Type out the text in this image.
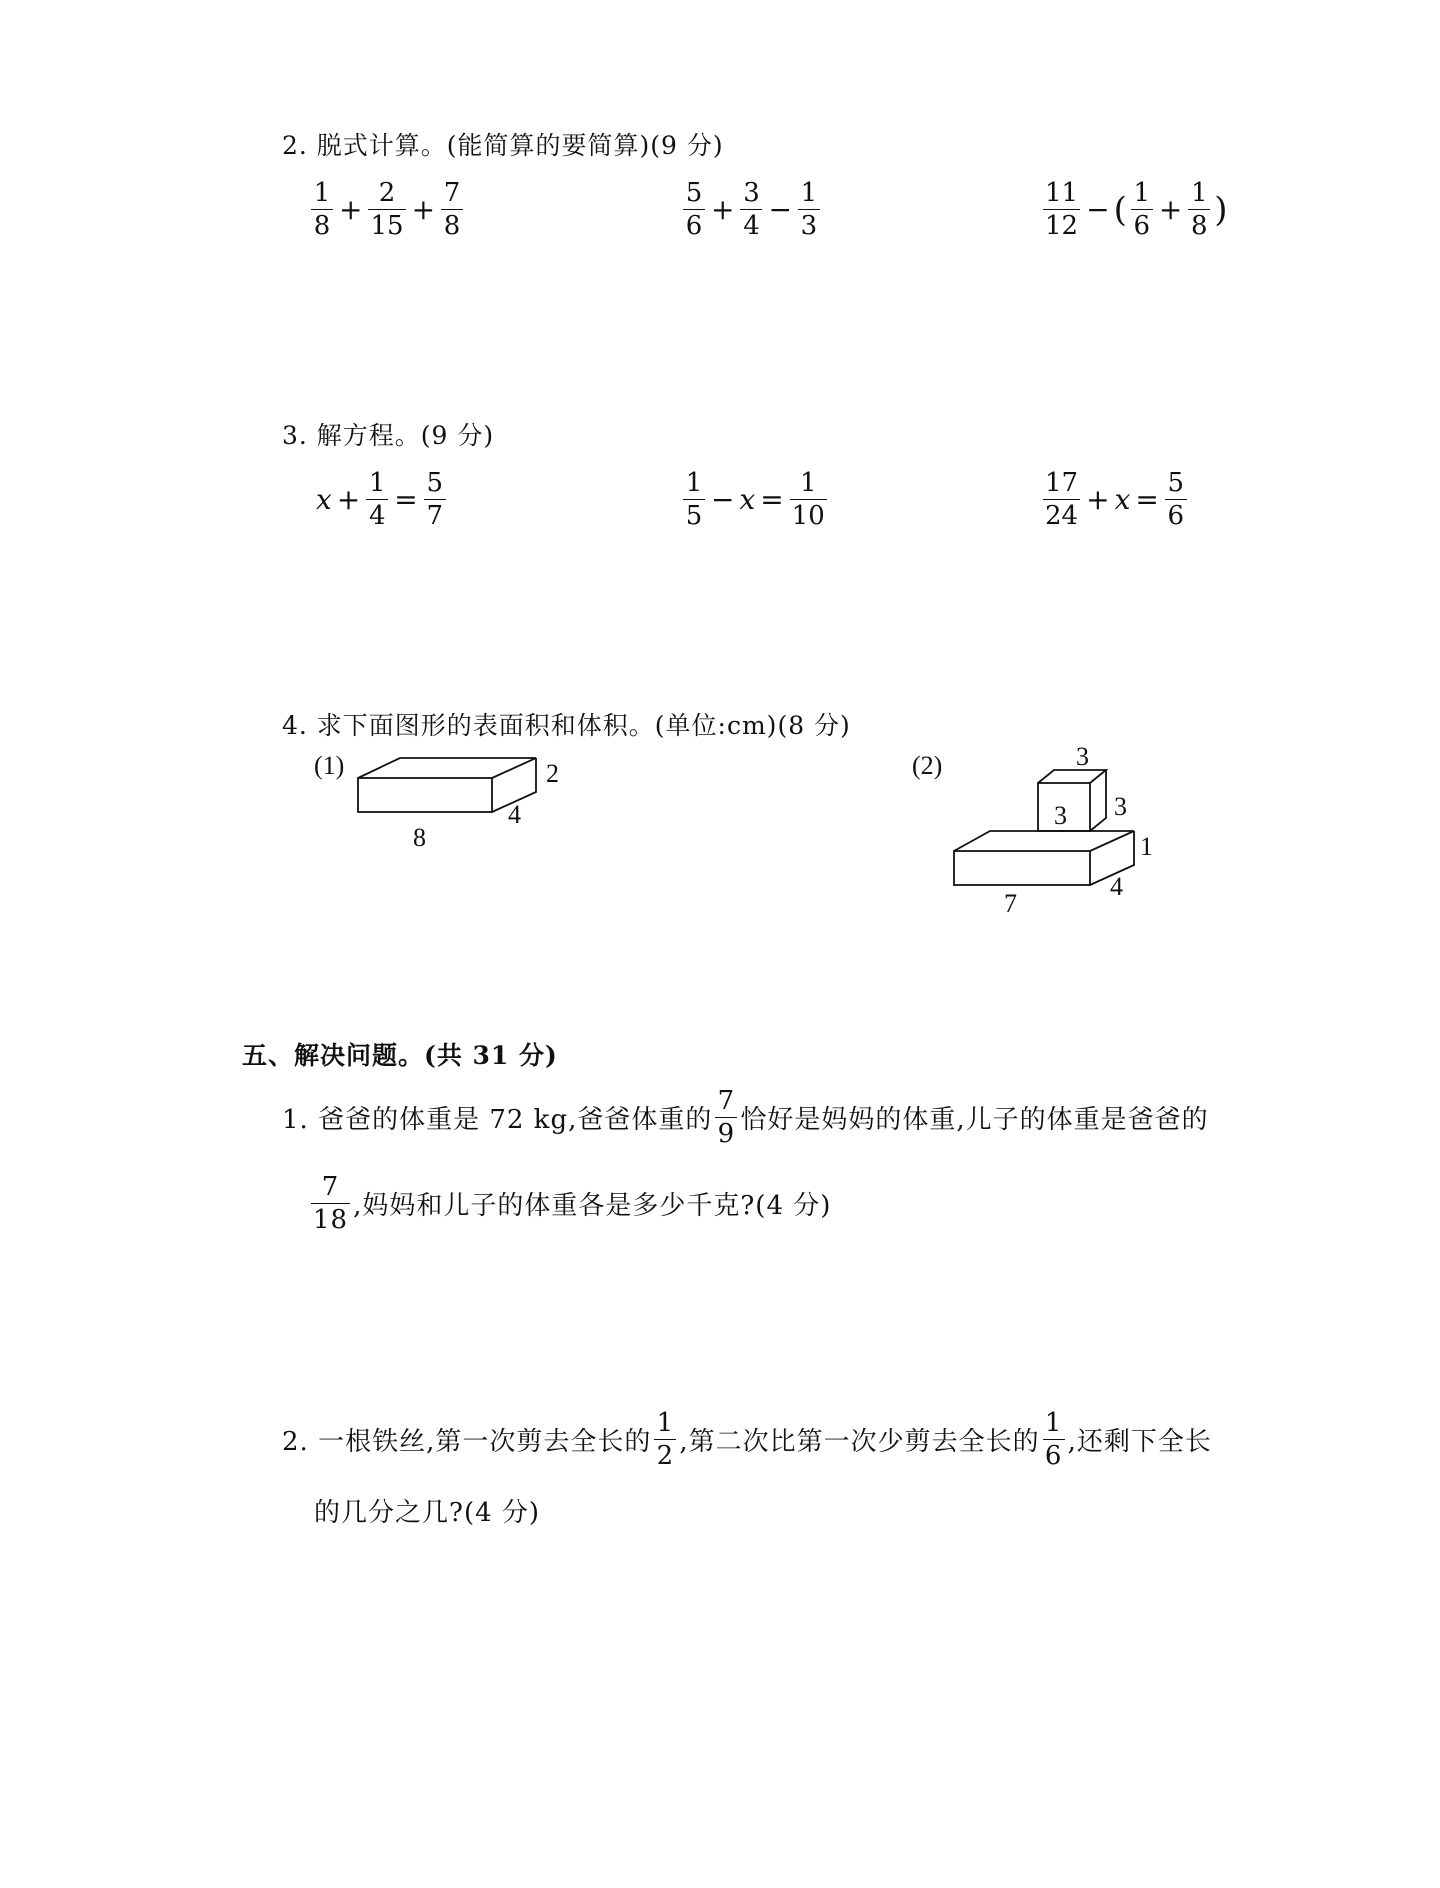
2. 脱式计算。(能简算的要简算)(9 分)
$\frac{1}{8} + \frac{2}{15} + \frac{7}{8}$	$\frac{5}{6} + \frac{3}{4} - \frac{1}{3}$	$\frac{11}{12}$ − ( $\frac{1}{6} + \frac{1}{8}$ )
3. 解方程。(9 分)
$x + \frac{1}{4} = \frac{5}{7}$	$\frac{1}{5} - x = \frac{1}{10}$	$\frac{17}{24} + x = \frac{5}{6}$
4. 求下面图形的表面积和体积。(单位:cm)(8 分)
(1)	2
4
8
(2)	3
3
3
1
4
7
五、解决问题。(共 31 分)
1. 爸爸的体重是 72 kg,爸爸体重的 $\frac{7}{9}$ 恰好是妈妈的体重,儿子的体重是爸爸的
$\frac{7}{18}$ ,妈妈和儿子的体重各是多少千克?(4 分)
2. 一根铁丝,第一次剪去全长的 $\frac{1}{2}$ ,第二次比第一次少剪去全长的 $\frac{1}{6}$ ,还剩下全长
的几分之几?(4 分)
